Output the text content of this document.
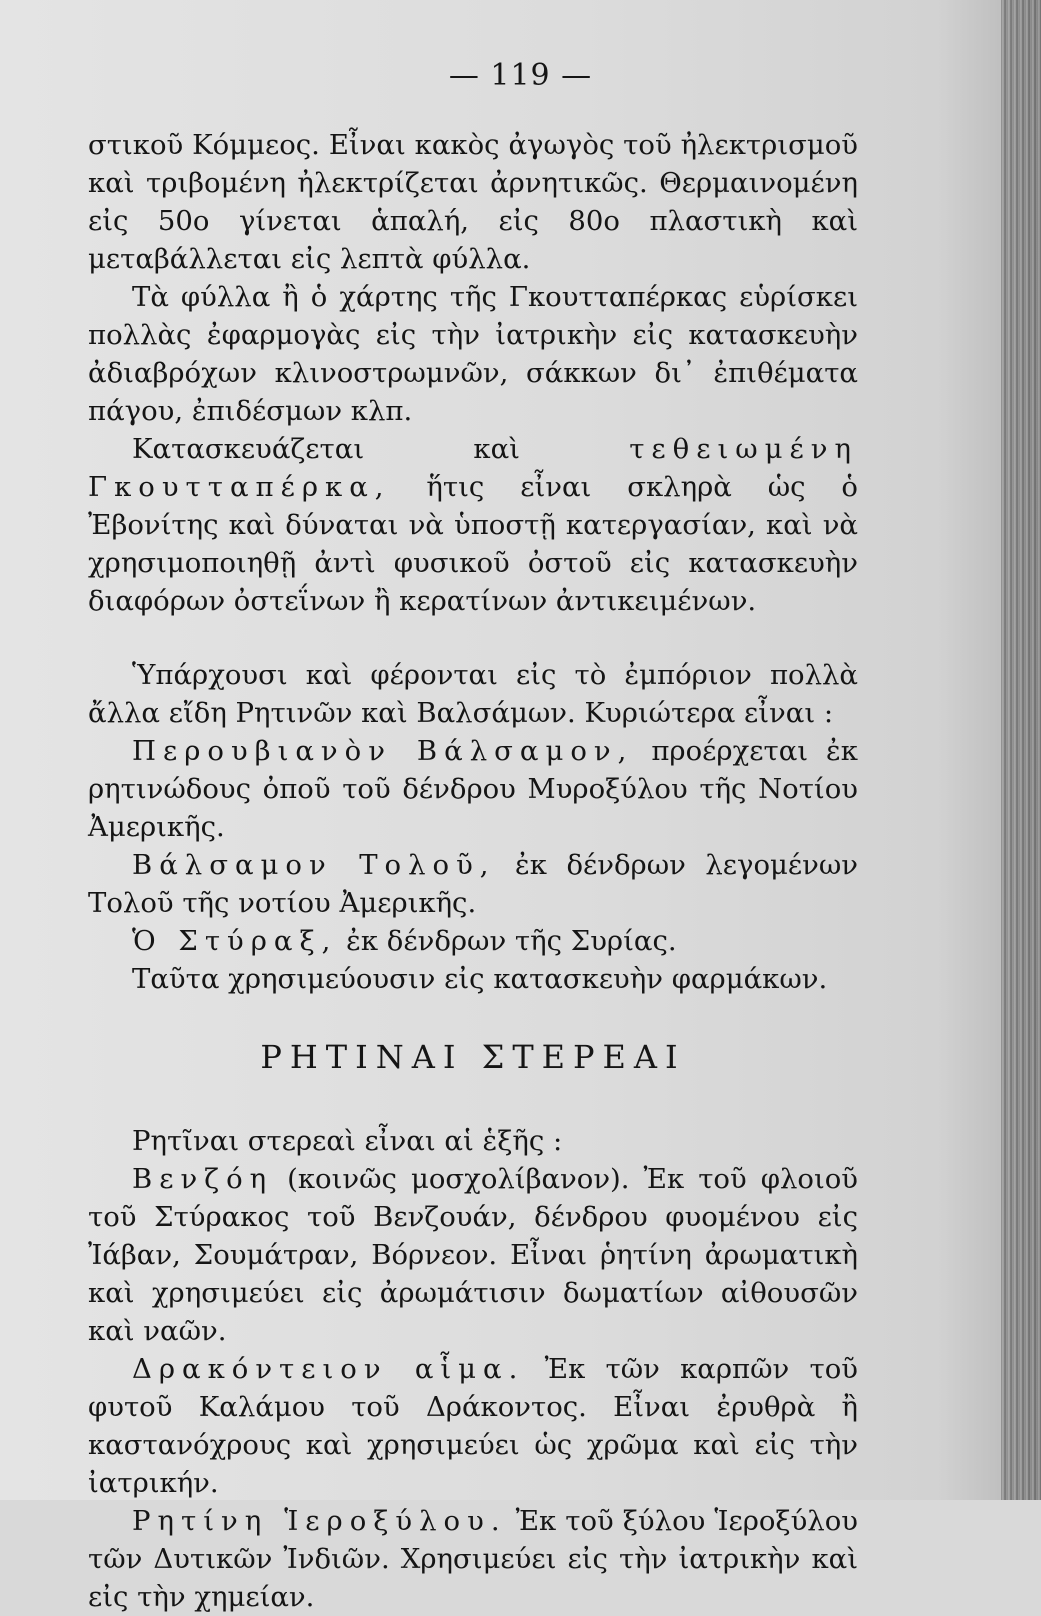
— 119 —

στικοῦ Κόμμεος. Εἶναι κακὸς ἀγωγὸς τοῦ ἠλεκτρισμοῦ καὶ τριβομένη ἠλεκτρίζεται ἀρνητικῶς. Θερμαινομένη εἰς 50ο γίνεται ἁπαλή, εἰς 80ο πλαστικὴ καὶ μεταβάλλεται εἰς λεπτὰ φύλλα.

Τὰ φύλλα ἢ ὁ χάρτης τῆς Γκουτταπέρκας εὑρίσκει πολλὰς ἐφαρμογὰς εἰς τὴν ἰατρικὴν εἰς κατασκευὴν ἀδιαβρόχων κλινοστρωμνῶν, σάκκων δι᾽ ἐπιθέματα πάγου, ἐπιδέσμων κλπ.

Κατασκευάζεται καὶ τεθειωμένη Γκουτταπέρκα, ἥτις εἶναι σκληρὰ ὡς ὁ Ἐβονίτης καὶ δύναται νὰ ὑποστῇ κατεργασίαν, καὶ νὰ χρησιμοποιηθῇ ἀντὶ φυσικοῦ ὀστοῦ εἰς κατασκευὴν διαφόρων ὀστεΐνων ἢ κερατίνων ἀντικειμένων.

Ὑπάρχουσι καὶ φέρονται εἰς τὸ ἐμπόριον πολλὰ ἄλλα εἴδη Ρητινῶν καὶ Βαλσάμων. Κυριώτερα εἶναι :

Περουβιανὸν Βάλσαμον, προέρχεται ἐκ ρητινώδους ὀποῦ τοῦ δένδρου Μυροξύλου τῆς Νοτίου Ἀμερικῆς.

Βάλσαμον Τολοῦ, ἐκ δένδρων λεγομένων Τολοῦ τῆς νοτίου Ἀμερικῆς.

Ὁ Στύραξ, ἐκ δένδρων τῆς Συρίας.

Ταῦτα χρησιμεύουσιν εἰς κατασκευὴν φαρμάκων.

ΡΗΤΙΝΑΙ ΣΤΕΡΕΑΙ

Ρητῖναι στερεαὶ εἶναι αἱ ἑξῆς :

Βενζόη (κοινῶς μοσχολίβανον). Ἐκ τοῦ φλοιοῦ τοῦ Στύρακος τοῦ Βενζουάν, δένδρου φυομένου εἰς Ἰάβαν, Σουμάτραν, Βόρνεον. Εἶναι ῥητίνη ἀρωματικὴ καὶ χρησιμεύει εἰς ἀρωμάτισιν δωματίων αἰθουσῶν καὶ ναῶν.

Δρακόντειον αἷμα. Ἐκ τῶν καρπῶν τοῦ φυτοῦ Καλάμου τοῦ Δράκοντος. Εἶναι ἐρυθρὰ ἢ καστανόχρους καὶ χρησιμεύει ὡς χρῶμα καὶ εἰς τὴν ἰατρικήν.

Ρητίνη Ἱεροξύλου. Ἐκ τοῦ ξύλου Ἱεροξύλου τῶν Δυτικῶν Ἰνδιῶν. Χρησιμεύει εἰς τὴν ἰατρικὴν καὶ εἰς τὴν χημείαν.
